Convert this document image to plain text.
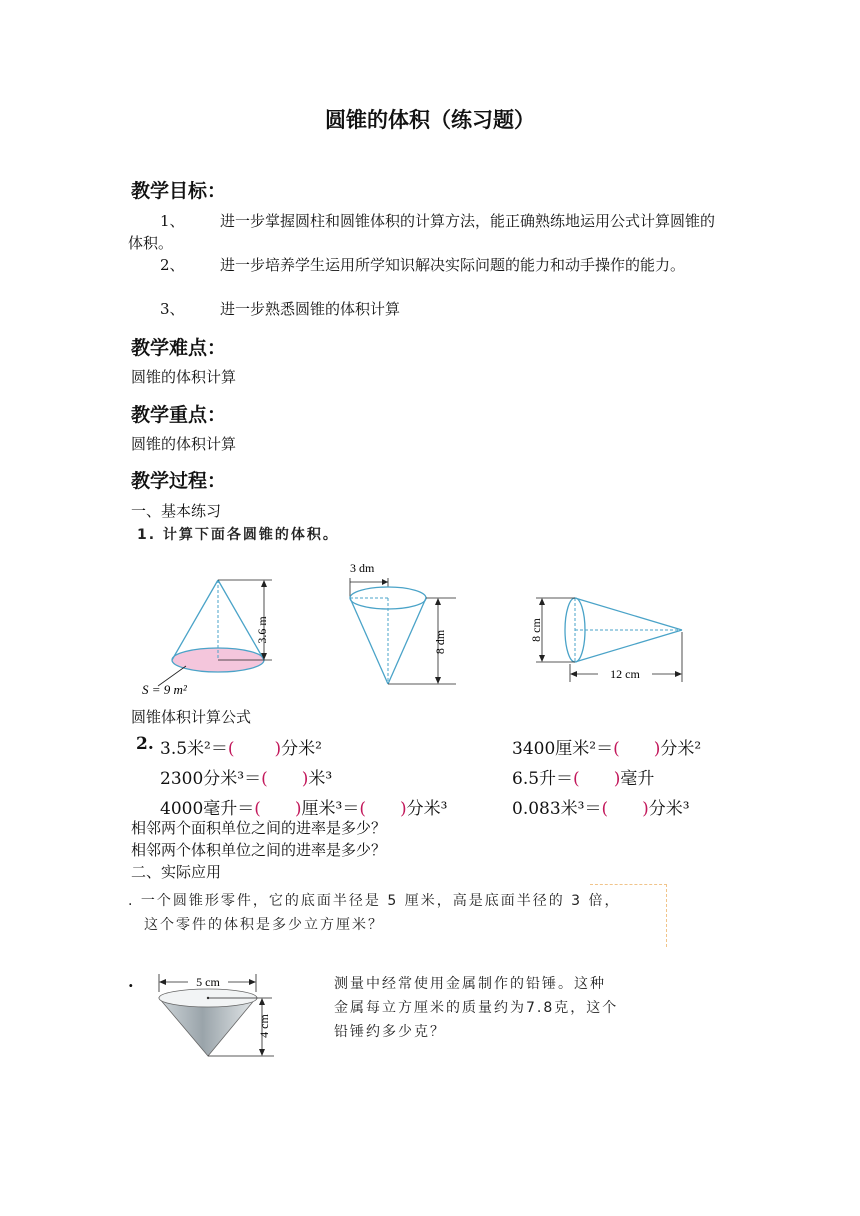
圆锥的体积（练习题）
教学目标：
1、	进一步掌握圆柱和圆锥体积的计算方法，能正确熟练地运用公式计算圆锥的体积。
2、	进一步培养学生运用所学知识解决实际问题的能力和动手操作的能力。
3、 进一步熟悉圆锥的体积计算
教学难点：
圆锥的体积计算
教学重点：
圆锥的体积计算
教学过程：
一、基本练习
1. 计算下面各圆锥的体积。
3.6 m
S = 9 m²
3 dm
8 dm	8 cm
12 cm
圆锥体积计算公式
2. 3.5米²＝( )分米²	3400厘米²＝( )分米²
2300分米³＝( )米³	6.5升＝( )毫升
4000毫升＝( )厘米³＝( )分米³	0.083米³＝( )分米³
相邻两个面积单位之间的进率是多少？
相邻两个体积单位之间的进率是多少？
二、实际应用
. 一个圆锥形零件，它的底面半径是 5 厘米，高是底面半径的 3 倍，
这个零件的体积是多少立方厘米？
.	5 cm
4 cm
测量中经常使用金属制作的铅锤。这种
金属每立方厘米的质量约为7.8克，这个
铅锤约多少克？
